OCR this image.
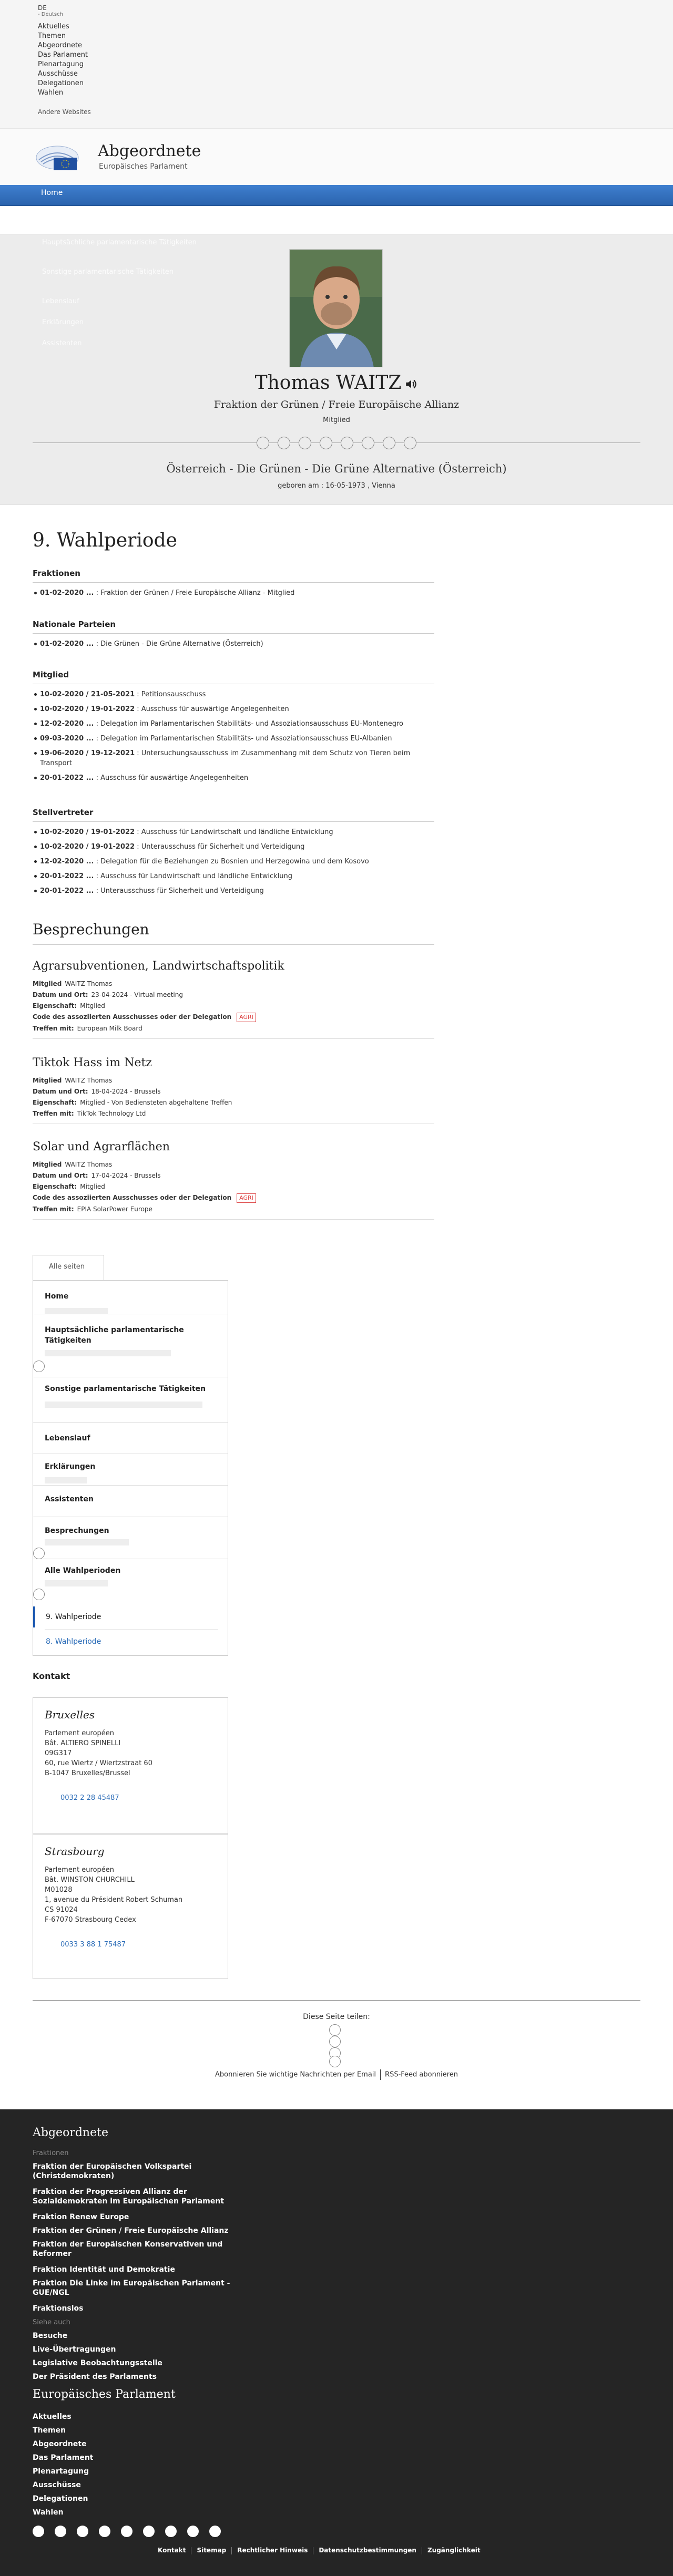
DE
- Deutsch
Aktuelles
Themen
Abgeordnete
Das Parlament
Plenartagung
Ausschüsse
Delegationen
Wahlen
Andere Websites
Abgeordnete
Europäisches Parlament
Home
Hauptsächliche parlamentarische Tätigkeiten
Sonstige parlamentarische Tätigkeiten
Lebenslauf
Erklärungen
Assistenten
Thomas WAITZ
Fraktion der Grünen / Freie Europäische Allianz
Mitglied
Österreich - Die Grünen - Die Grüne Alternative (Österreich)
geboren am : 16-05-1973 , Vienna
9. Wahlperiode
Fraktionen
01-02-2020 ... : Fraktion der Grünen / Freie Europäische Allianz - Mitglied
Nationale Parteien
01-02-2020 ... : Die Grünen - Die Grüne Alternative (Österreich)
Mitglied
10-02-2020 / 21-05-2021 : Petitionsausschuss
10-02-2020 / 19-01-2022 : Ausschuss für auswärtige Angelegenheiten
12-02-2020 ... : Delegation im Parlamentarischen Stabilitäts- und Assoziationsausschuss EU-Montenegro
09-03-2020 ... : Delegation im Parlamentarischen Stabilitäts- und Assoziationsausschuss EU-Albanien
19-06-2020 / 19-12-2021 : Untersuchungsausschuss im Zusammenhang mit dem Schutz von Tieren beim Transport
20-01-2022 ... : Ausschuss für auswärtige Angelegenheiten
Stellvertreter
10-02-2020 / 19-01-2022 : Ausschuss für Landwirtschaft und ländliche Entwicklung
10-02-2020 / 19-01-2022 : Unterausschuss für Sicherheit und Verteidigung
12-02-2020 ... : Delegation für die Beziehungen zu Bosnien und Herzegowina und dem Kosovo
20-01-2022 ... : Ausschuss für Landwirtschaft und ländliche Entwicklung
20-01-2022 ... : Unterausschuss für Sicherheit und Verteidigung
Besprechungen
Agrarsubventionen, Landwirtschaftspolitik

Mitglied WAITZ Thomas

Datum und Ort: 23-04-2024 - Virtual meeting

Eigenschaft: Mitglied

Code des assoziierten Ausschusses oder der Delegation AGRI

Treffen mit: European Milk Board

Tiktok Hass im Netz

Mitglied WAITZ Thomas

Datum und Ort: 18-04-2024 - Brussels

Eigenschaft: Mitglied - Von Bediensteten abgehaltene Treffen

Treffen mit: TikTok Technology Ltd

Solar und Agrarflächen

Mitglied WAITZ Thomas

Datum und Ort: 17-04-2024 - Brussels

Eigenschaft: Mitglied

Code des assoziierten Ausschusses oder der Delegation AGRI

Treffen mit: EPIA SolarPower Europe

Alle seiten
Home
Hauptsächliche parlamentarische Tätigkeiten
Sonstige parlamentarische Tätigkeiten
Lebenslauf
Erklärungen
Assistenten
Besprechungen
Alle Wahlperioden
9. Wahlperiode
8. Wahlperiode
Kontakt
Bruxelles

Parlement européen

Bât. ALTIERO SPINELLI

09G317

60, rue Wiertz / Wiertzstraat 60

B-1047 Bruxelles/Brussel

0032 2 28 45487

Strasbourg

Parlement européen

Bât. WINSTON CHURCHILL

M01028

1, avenue du Président Robert Schuman

CS 91024

F-67070 Strasbourg Cedex

0033 3 88 1 75487

Diese Seite teilen:
Abonnieren Sie wichtige Nachrichten per Email RSS-Feed abonnieren
Abgeordnete
Fraktionen
Fraktion der Europäischen Volkspartei (Christdemokraten)
Fraktion der Progressiven Allianz der Sozialdemokraten im Europäischen Parlament
Fraktion Renew Europe
Fraktion der Grünen / Freie Europäische Allianz
Fraktion der Europäischen Konservativen und Reformer
Fraktion Identität und Demokratie
Fraktion Die Linke im Europäischen Parlament - GUE/NGL
Fraktionslos
Siehe auch
Besuche
Live-Übertragungen
Legislative Beobachtungsstelle
Der Präsident des Parlaments
Europäisches Parlament
Aktuelles
Themen
Abgeordnete
Das Parlament
Plenartagung
Ausschüsse
Delegationen
Wahlen
Kontakt Sitemap Rechtlicher Hinweis Datenschutzbestimmungen Zugänglichkeit
